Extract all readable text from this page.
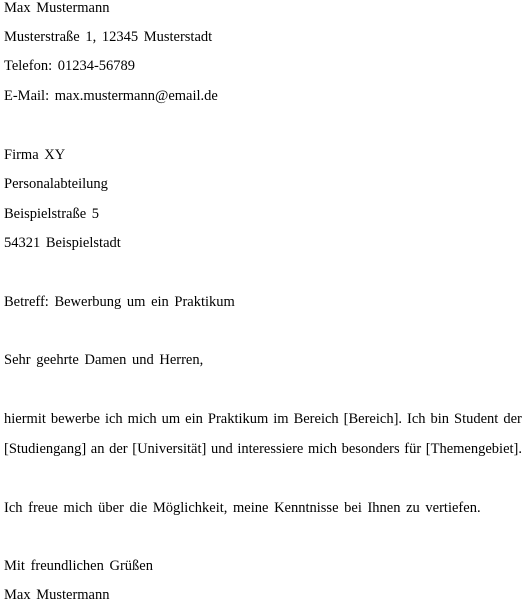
Max Mustermann
Musterstraße 1, 12345 Musterstadt
Telefon: 01234-56789
E-Mail: max.mustermann@email.de
Firma XY
Personalabteilung
Beispielstraße 5
54321 Beispielstadt
Betreff: Bewerbung um ein Praktikum
Sehr geehrte Damen und Herren,
hiermit bewerbe ich mich um ein Praktikum im Bereich [Bereich]. Ich bin Student der
[Studiengang] an der [Universität] und interessiere mich besonders für [Themengebiet].
Ich freue mich über die Möglichkeit, meine Kenntnisse bei Ihnen zu vertiefen.
Mit freundlichen Grüßen
Max Mustermann
